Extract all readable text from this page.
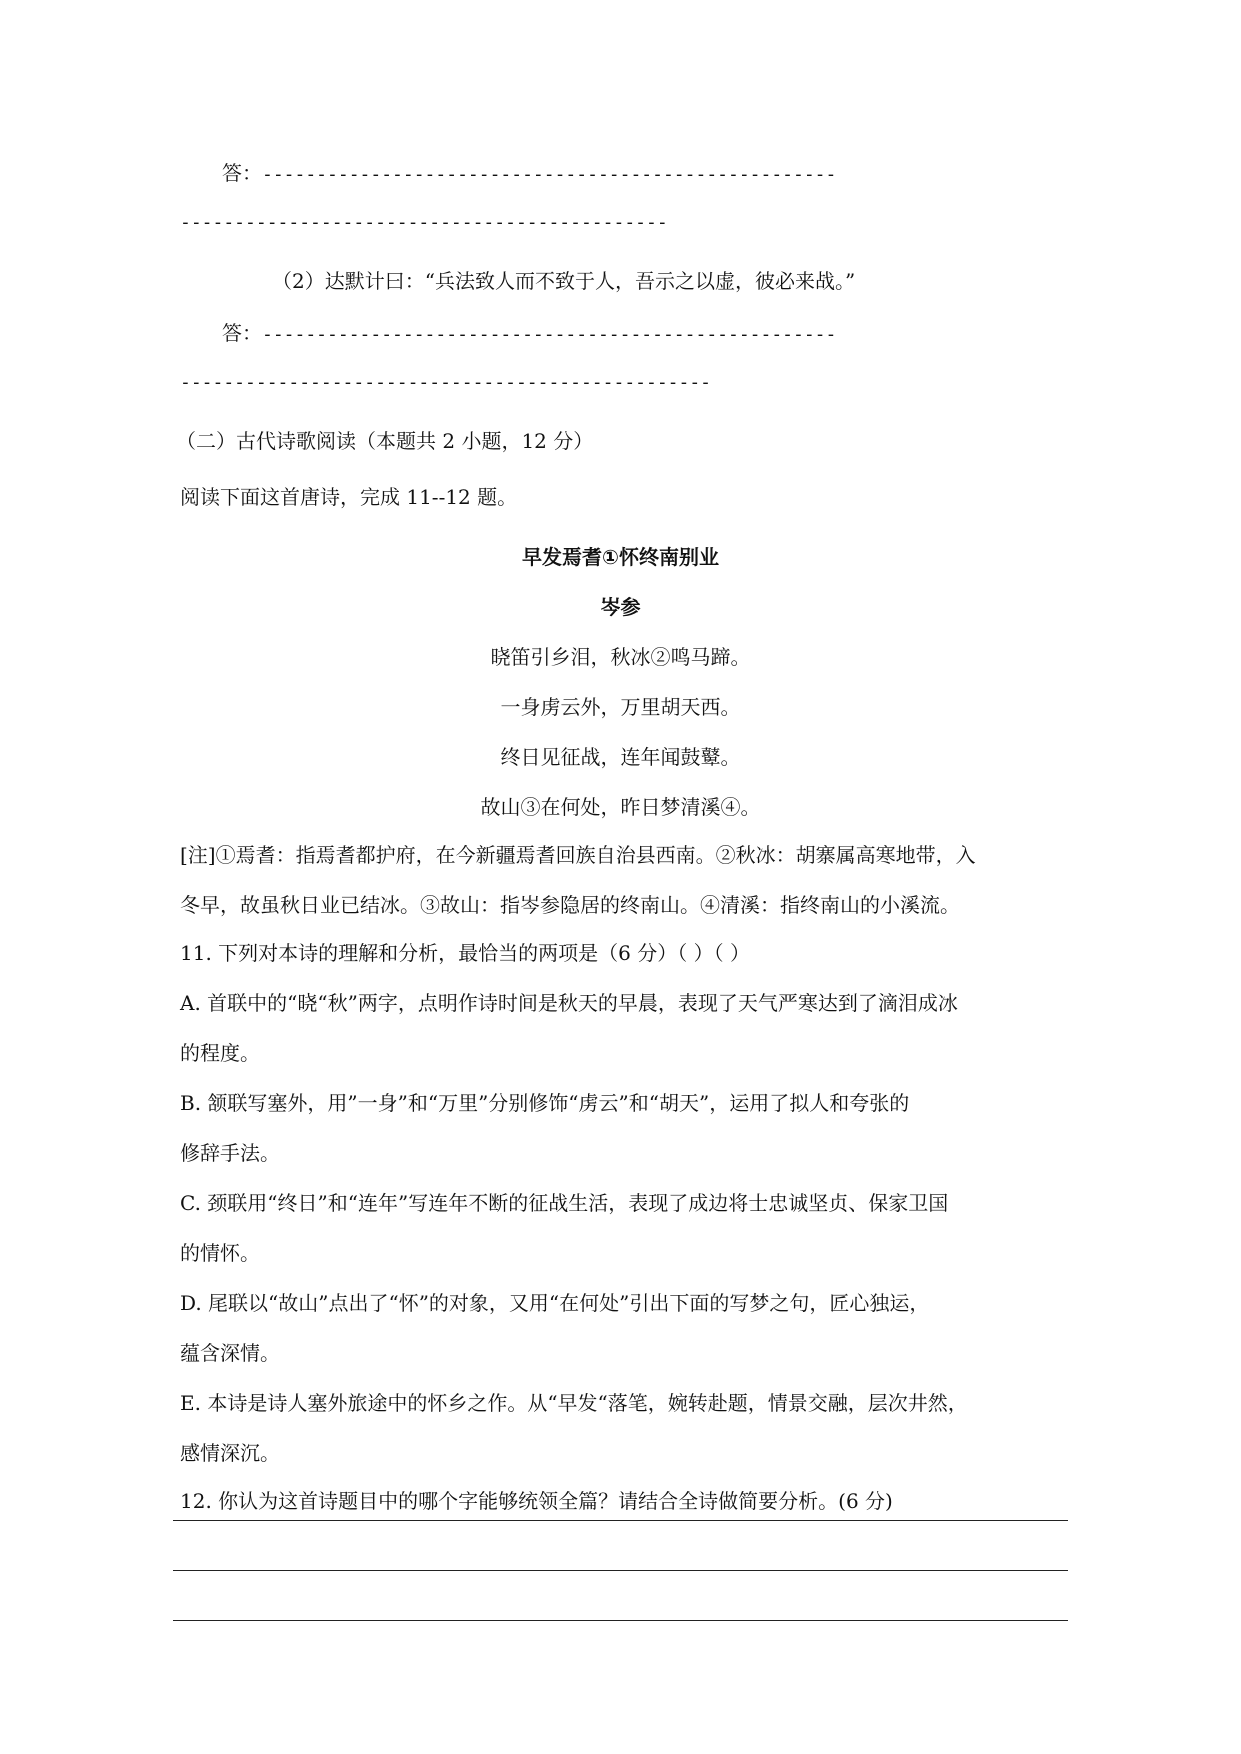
答：-----------------------------------------------------
---------------------------------------------
（2）达默计曰：“兵法致人而不致于人，吾示之以虚，彼必来战。”
答：-----------------------------------------------------
-------------------------------------------------
（二）古代诗歌阅读（本题共 2 小题，12 分）
阅读下面这首唐诗，完成 11--12 题。
早发焉耆①怀终南别业
岑参
晓笛引乡泪，秋冰②鸣马蹄。
一身虏云外，万里胡天西。
终日见征战，连年闻鼓鼙。
故山③在何处，昨日梦清溪④。
[注]①焉耆：指焉耆都护府，在今新疆焉耆回族自治县西南。②秋冰：胡寨属高寒地带，入
冬早，故虽秋日业已结冰。③故山：指岑参隐居的终南山。④清溪：指终南山的小溪流。
11. 下列对本诗的理解和分析，最恰当的两项是（6 分）（ ）（ ）
A. 首联中的“晓“秋”两字，点明作诗时间是秋天的早晨，表现了天气严寒达到了滴泪成冰
的程度。
B. 颔联写塞外，用”一身”和“万里”分别修饰“虏云”和“胡天”，运用了拟人和夸张的
修辞手法。
C. 颈联用“终日”和“连年”写连年不断的征战生活，表现了成边将士忠诚坚贞、保家卫国
的情怀。
D. 尾联以“故山”点出了“怀”的对象，又用“在何处”引出下面的写梦之句，匠心独运，
蕴含深情。
E. 本诗是诗人塞外旅途中的怀乡之作。从“早发“落笔，婉转赴题，情景交融，层次井然，
感情深沉。
12. 你认为这首诗题目中的哪个字能够统领全篇？请结合全诗做简要分析。(6 分)
